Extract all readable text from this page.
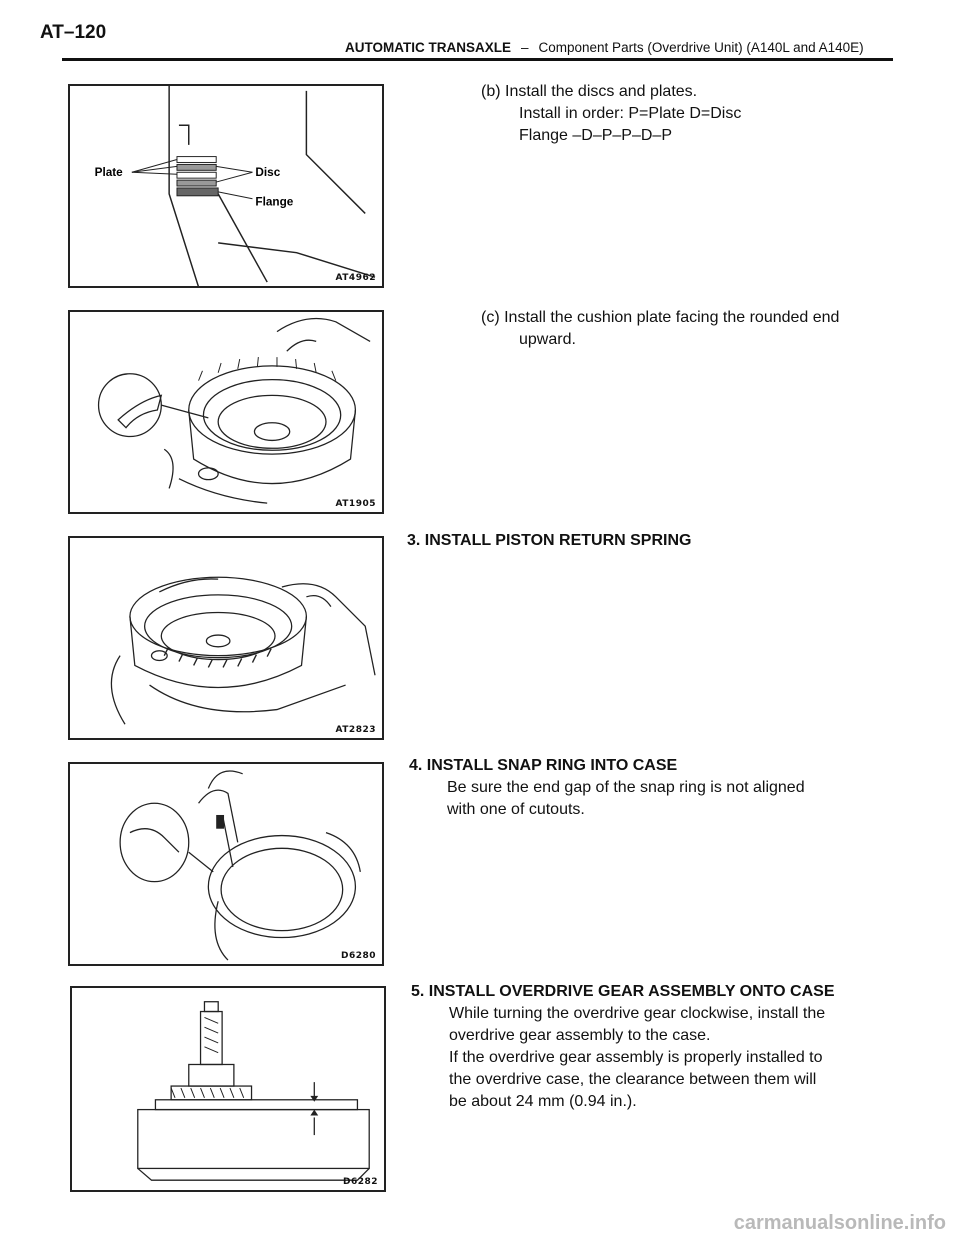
AT–120
AUTOMATIC TRANSAXLE – Component Parts (Overdrive Unit) (A140L and A140E)
Plate	Disc
Flange
AT4962
(b) Install the discs and plates.
Install in order: P=Plate D=Disc
Flange –D–P–P–D–P
AT1905
(c) Install the cushion plate facing the rounded end
upward.
AT2823
3. INSTALL PISTON RETURN SPRING
D6280
4. INSTALL SNAP RING INTO CASE
Be sure the end gap of the snap ring is not aligned
with one of cutouts.
D6282
5. INSTALL OVERDRIVE GEAR ASSEMBLY ONTO CASE
While turning the overdrive gear clockwise, install the
overdrive gear assembly to the case.
If the overdrive gear assembly is properly installed to
the overdrive case, the clearance between them will
be about 24 mm (0.94 in.).
carmanualsonline.info
